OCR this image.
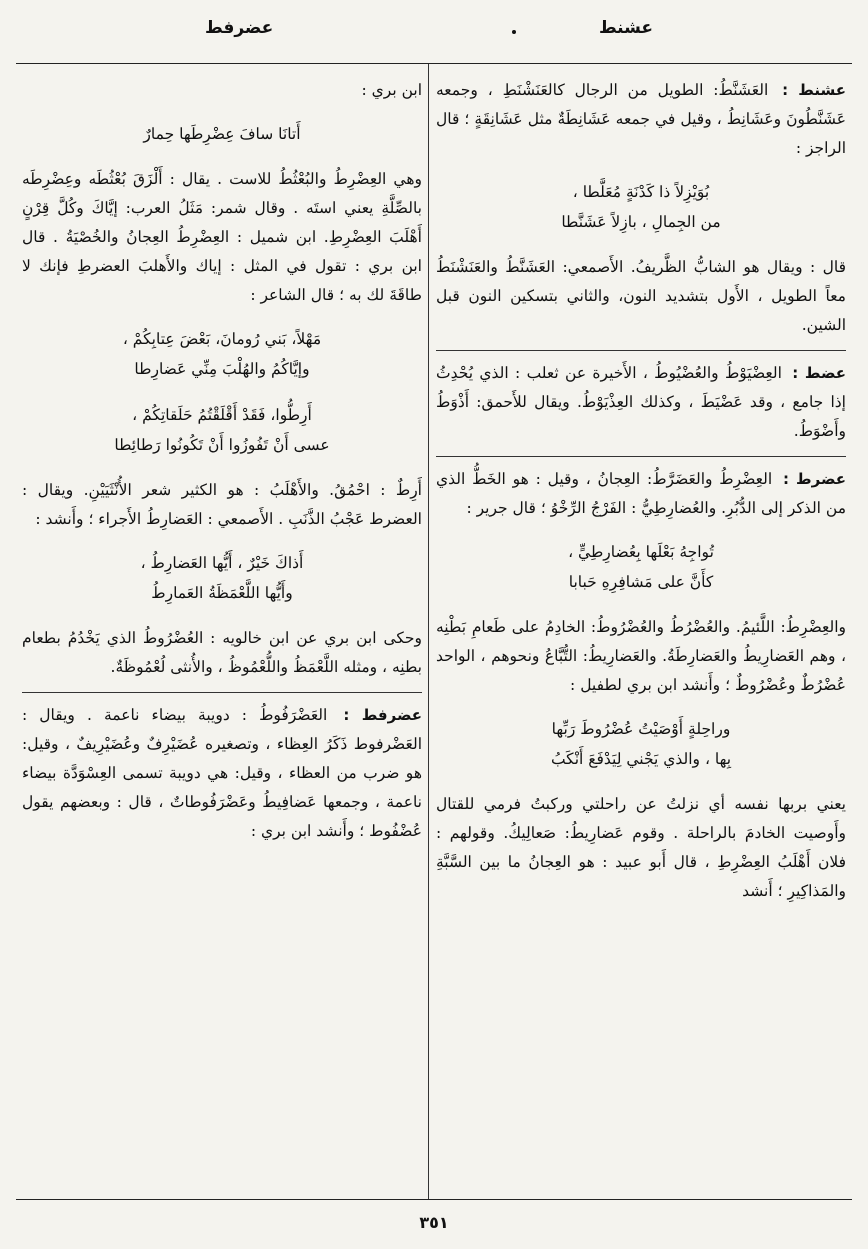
عشنط
عضرفط
عشنط : العَشَنَّطُ: الطويل من الرجال كالعَنَشْنَطِ ، وجمعه عَشَنَّطُونَ وعَشَانِطُ ، وقيل في جمعه عَشَانِطَةٌ مثل عَشَانِقَةٍ ؛ قال الراجز :
بُوَيْزِلاً ذا كَدْنَةٍ مُعَلَّطا ،
من الجِمالِ ، بازِلاً عَشَنَّطا
قال : ويقال هو الشابُّ الظَّريفُ. الأَصمعي: العَشَنَّطُ والعَنَشْنَطُ معاً الطويل ، الأَول بتشديد النون، والثاني بتسكين النون قبل الشين.
عضط : العِضْيَوْطُ والعُضْيُوطُ ، الأَخيرة عن ثعلب : الذي يُحْدِثُ إذا جامع ، وقد عَضْيَطَ ، وكذلك العِذْيَوْطُ. ويقال للأَحمق: أَذْوَطُ وأَضْوَطُ.
عضرط : العِضْرِطُ والعَضَرَّطُ: العِجانُ ، وقيل : هو الخَطُّ الذي من الذكر إلى الدُّبُرِ. والعُضارِطِيُّ : الفَرْجُ الرِّخْوُ ؛ قال جرير :
تُواجِهُ بَعْلَها بِعُضارِطِيٍّ ،
كأَنَّ على مَشافِرِهِ حَبابا
والعِضْرِطُ: اللَّئيمُ. والعُضْرُطُ والعُضْرُوطُ: الخادِمُ على طَعامِ بَطْنِه ، وهم العَضارِيطُ والعَضارِطَةُ. والعَضارِيطُ: التُّبَّاعُ ونحوهم ، الواحد عُضْرُطٌ وعُضْرُوطٌ ؛ وأَنشد ابن بري لطفيل :
وراحِلةٍ أَوْصَيْتُ عُضْرُوطَ رَبِّها
بِها ، والذي يَجْني لِيَدْفَعَ أَنْكَبُ
يعني بربها نفسه أي نزلتُ عن راحلتي وركبتُ فرمي للقتال وأَوصيت الخادمَ بالراحلة . وقوم عَضارِيطُ: صَعالِيكُ. وقولهم : فلان أَهْلَبُ العِضْرِطِ ، قال أَبو عبيد : هو العِجانُ ما بين السَّبَّةِ والمَذاكِيرِ ؛ أَنشد
ابن بري :
أَتانَا سافَ عِضْرِطَها حِمارٌ
وهي العِضْرِطُ والبُعْثُطُ للاست . يقال : أَلْزَقَ بُعْثُطَه وعِضْرِطَه بالصِّلَّةِ يعني استَه . وقال شمر: مَثَلُ العرب: إيَّاكَ وكُلَّ قِرْنٍ أَهْلَبَ العِضْرِطِ. ابن شميل : العِضْرِطُ العِجانُ والخُصْيَةُ . قال ابن بري : تقول في المثل : إياك والأَهلبَ العضرطِ فإنك لا طاقَةَ لك به ؛ قال الشاعر :
مَهْلاً، بَني رُومانَ، بَعْضَ عِتابِكُمْ ،
وإيَّاكُمُ والهُلْبَ مِنِّي عَضارِطا
أَرِطُّوا، فَقَدْ أَقْلَقْتُمُ حَلَقاتِكُمْ ،
عسى أَنْ تَفُوزُوا أَنْ تَكُونُوا رَطائِطا
أَرِطٌ : احْمُقُ. والأَهْلَبُ : هو الكثير شعر الأُنْثَيَيْنِ. ويقال : العضرط عَجْبُ الذَّنَبِ . الأَصمعي : العَضارِطُ الأَجراء ؛ وأَنشد :
أَذاكَ خَيْرٌ ، أَيُّها العَضارِطُ ،
وأَيُّها اللَّعْمَظَةُ العَمارِطُ
وحكى ابن بري عن ابن خالويه : العُضْرُوطُ الذي يَخْدُمُ بطعام بطنِه ، ومثله اللَّعْمَظُ واللُّعْمُوظُ ، والأُنثى لُعْمُوظَةٌ.
عضرفط : العَضْرَفُوطُ : دويبة بيضاء ناعمة . ويقال : العَضْرفوط ذَكَرُ العِظاء ، وتصغيره عُضَيْرِفٌ وعُضَيْرِيفٌ ، وقيل: هو ضرب من العظاء ، وقيل: هي دويبة تسمى العِسْوَدَّة بيضاء ناعمة ، وجمعها عَضافِيطُ وعَضْرَفُوطاتٌ ، قال : وبعضهم يقول عُضْفُوط ؛ وأَنشد ابن بري :
٣٥١
